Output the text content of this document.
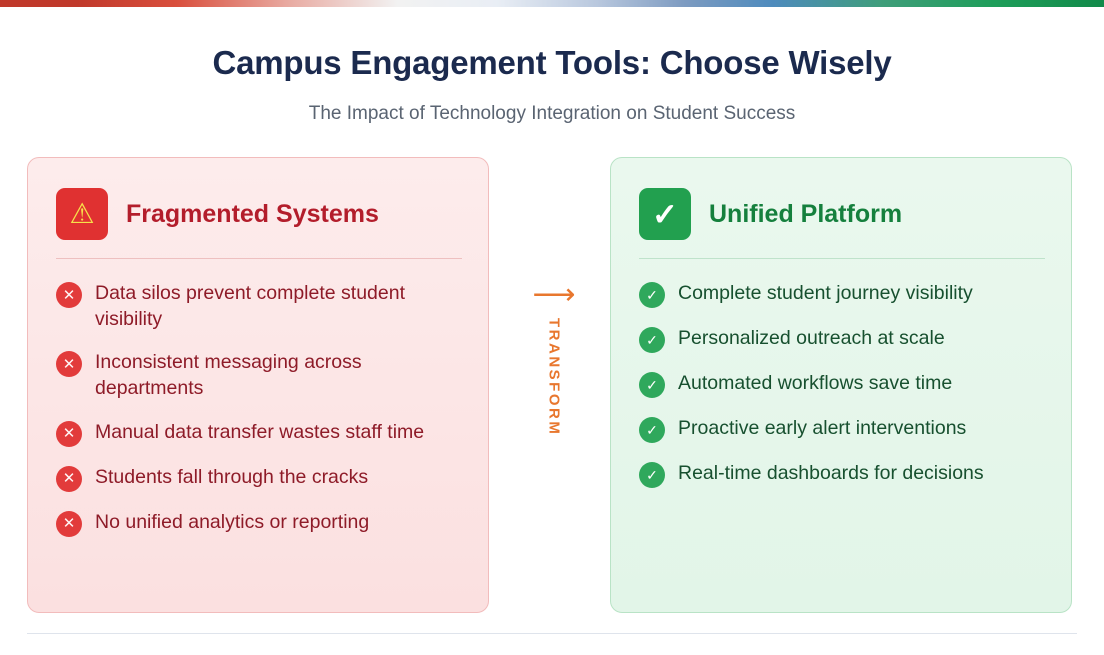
Campus Engagement Tools: Choose Wisely
The Impact of Technology Integration on Student Success
⚠ Fragmented Systems
✕ Data silos prevent complete student visibility
✕ Inconsistent messaging across departments
✕ Manual data transfer wastes staff time
✕ Students fall through the cracks
✕ No unified analytics or reporting
⟶
TRANSFORM
✓ Unified Platform
✓ Complete student journey visibility
✓ Personalized outreach at scale
✓ Automated workflows save time
✓ Proactive early alert interventions
✓ Real-time dashboards for decisions
